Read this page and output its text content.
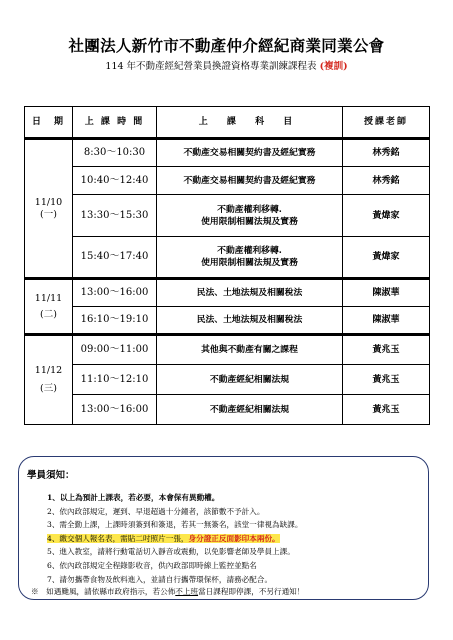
社團法人新竹市不動產仲介經紀商業同業公會
114 年不動產經紀營業員換證資格專業訓練課程表 (複訓)
日　期	上 課 時 間	上 課 科 目	授課老師

11/10
(一)	8:30～10:30	不動產交易相關契約書及經紀實務	林秀銘
	10:40～12:40	不動產交易相關契約書及經紀實務	林秀銘
	13:30～15:30	不動產權利移轉.
使用限制相關法規及實務	黃煒家
	15:40～17:40	不動產權利移轉.
使用限制相關法規及實務	黃煒家

11/11
(二)	13:00～16:00	民法、土地法規及相關稅法	陳淑華
	16:10～19:10	民法、土地法規及相關稅法	陳淑華

11/12
(三)	09:00～11:00	其他與不動產有關之課程	黃兆玉
	11:10～12:10	不動產經紀相關法規	黃兆玉
	13:00～16:00	不動產經紀相關法規	黃兆玉
學員須知：
1、以上為預計上課表，若必要，本會保有異動權。
2、依內政部規定，遲到、早退超過十分鐘者，該節數不予計入。
3、需全勤上課，上課時須簽到和簽退，若其一無簽名，該堂一律視為缺課。
4、繳交個人報名表，需貼二吋照片一張，身分證正反面影印本兩份。
5、進入教室，請將行動電話切入靜音或震動，以免影響老師及學員上課。
6、依內政部規定全程錄影收音，供內政部即時線上監控並點名
7、請勿攜帶食物及飲料進入，並請自行攜帶環保杯，請務必配合。
※　如遇颱風，請依縣市政府指示，若公佈不上班當日課程即停課，不另行通知！
